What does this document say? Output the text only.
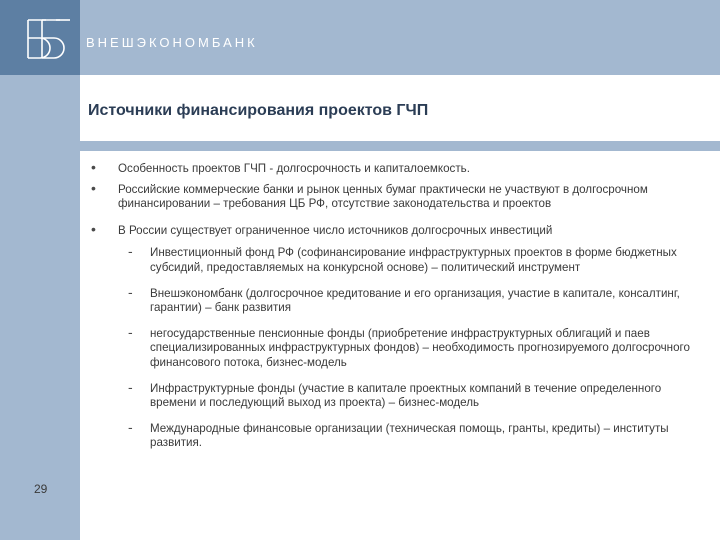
ВНЕШЭКОНОМБАНК
Источники финансирования проектов ГЧП
29
• Особенность проектов ГЧП - долгосрочность и капиталоемкость.
• Российские коммерческие банки и рынок ценных бумаг практически не участвуют в долгосрочном финансировании – требования ЦБ РФ, отсутствие законодательства и проектов
• В России существует ограниченное число источников долгосрочных инвестиций
- Инвестиционный фонд РФ (софинансирование инфраструктурных проектов в форме бюджетных субсидий, предоставляемых на конкурсной основе) – политический инструмент
- Внешэкономбанк (долгосрочное кредитование и его организация, участие в капитале, консалтинг, гарантии) – банк развития
- негосударственные пенсионные фонды (приобретение инфраструктурных облигаций и паев специализированных инфраструктурных фондов) – необходимость прогнозируемого долгосрочного финансового потока, бизнес-модель
- Инфраструктурные фонды (участие в капитале проектных компаний в течение определенного времени и последующий выход из проекта) – бизнес-модель
- Международные финансовые организации (техническая помощь, гранты, кредиты) – институты развития.
